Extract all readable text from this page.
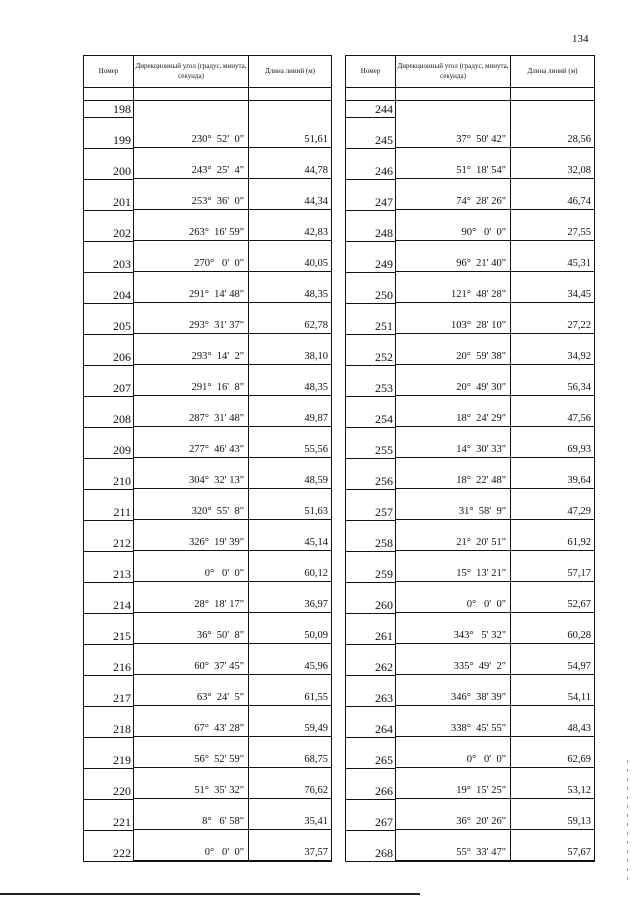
134
Номер
Дирекционный угол (градус, минута, секунда)
Длина линий (м)
198
199
200
201
202
203
204
205
206
207
208
209
210
211
212
213
214
215
216
217
218
219
220
221
222
230°  52'  0"
243°  25'  4"
253°  36'  0"
263°  16' 59"
270°   0'  0"
291°  14' 48"
293°  31' 37"
293°  14'  2"
291°  16'  8"
287°  31' 48"
277°  46' 43"
304°  32' 13"
320°  55'  8"
326°  19' 39"
0°   0'  0"
28°  18' 17"
36°  50'  8"
60°  37' 45"
63°  24'  5"
67°  43' 28"
56°  52' 59"
51°  35' 32"
8°   6' 58"
0°   0'  0"
51,61
44,78
44,34
42,83
40,05
48,35
62,78
38,10
48,35
49,87
55,56
48,59
51,63
45,14
60,12
36,97
50,09
45,96
61,55
59,49
68,75
76,62
35,41
37,57
Номер
Дирекционный угол (градус, минута, секунда)
Длина линий (м)
244
245
246
247
248
249
250
251
252
253
254
255
256
257
258
259
260
261
262
263
264
265
266
267
268
37°  50' 42"
51°  18' 54"
74°  28' 26"
90°   0'  0"
96°  21' 40"
121°  48' 28"
103°  28' 10"
20°  59' 38"
20°  49' 30"
18°  24' 29"
14°  30' 33"
18°  22' 48"
31°  58'  9"
21°  20' 51"
15°  13' 21"
0°   0'  0"
343°   5' 32"
335°  49'  2"
346°  38' 39"
338°  45' 55"
0°   0'  0"
19°  15' 25"
36°  20' 26"
55°  33' 47"
28,56
32,08
46,74
27,55
45,31
34,45
27,22
34,92
56,34
47,56
69,93
39,64
47,29
61,92
57,17
52,67
60,28
54,97
54,11
48,43
62,69
53,12
59,13
57,67
